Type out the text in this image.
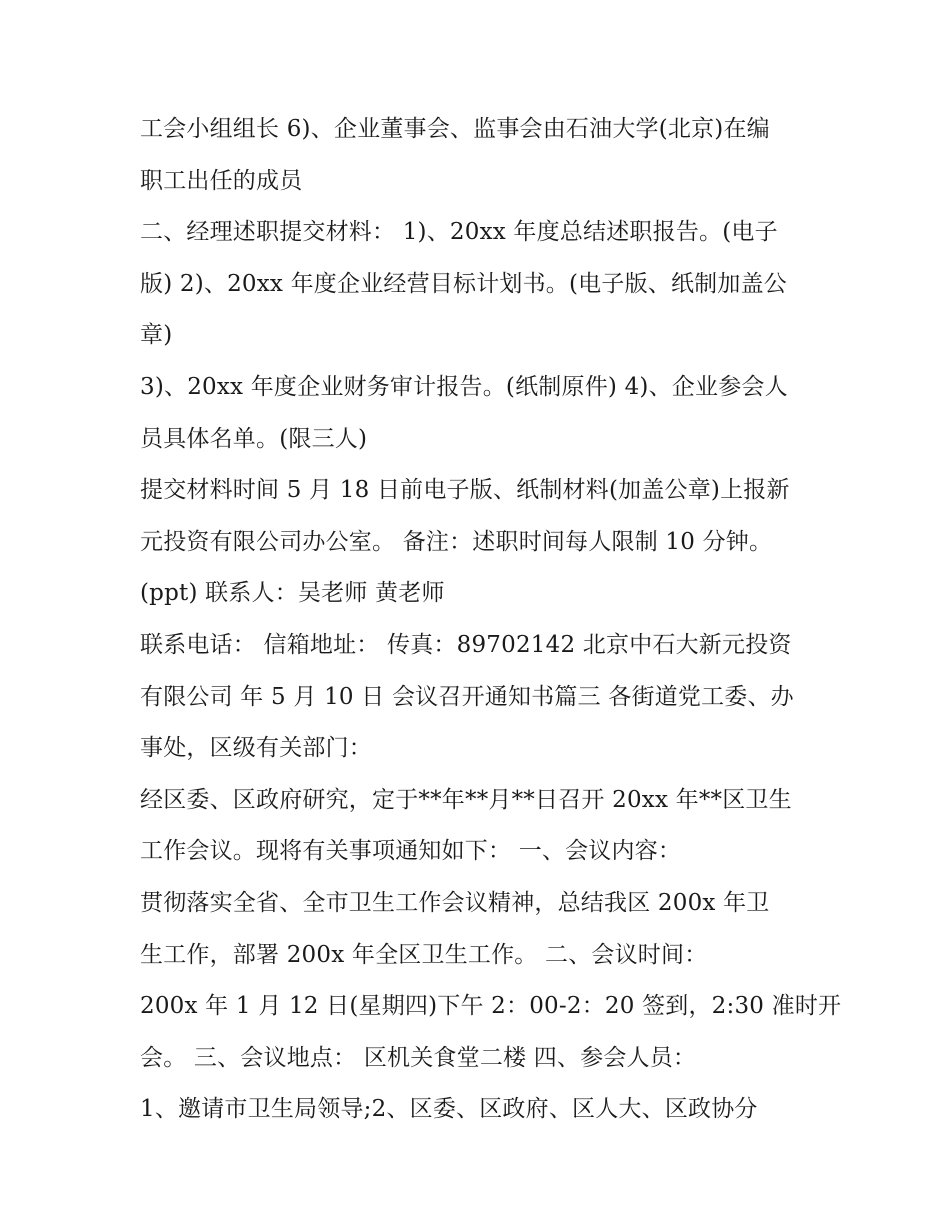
工会小组组长 6)、企业董事会、监事会由石油大学(北京)在编
职工出任的成员
二、经理述职提交材料： 1)、20xx 年度总结述职报告。(电子
版) 2)、20xx 年度企业经营目标计划书。(电子版、纸制加盖公
章)
3)、20xx 年度企业财务审计报告。(纸制原件) 4)、企业参会人
员具体名单。(限三人)
提交材料时间 5 月 18 日前电子版、纸制材料(加盖公章)上报新
元投资有限公司办公室。 备注：述职时间每人限制 10 分钟。
(ppt) 联系人：吴老师 黄老师
联系电话： 信箱地址： 传真：89702142 北京中石大新元投资
有限公司 年 5 月 10 日 会议召开通知书篇三 各街道党工委、办
事处，区级有关部门：
经区委、区政府研究，定于**年**月**日召开 20xx 年**区卫生
工作会议。现将有关事项通知如下： 一、会议内容：
贯彻落实全省、全市卫生工作会议精神，总结我区 200x 年卫
生工作，部署 200x 年全区卫生工作。 二、会议时间：
200x 年 1 月 12 日(星期四)下午 2：00-2：20 签到，2:30 准时开
会。 三、会议地点： 区机关食堂二楼 四、参会人员：
1、邀请市卫生局领导;2、区委、区政府、区人大、区政协分
